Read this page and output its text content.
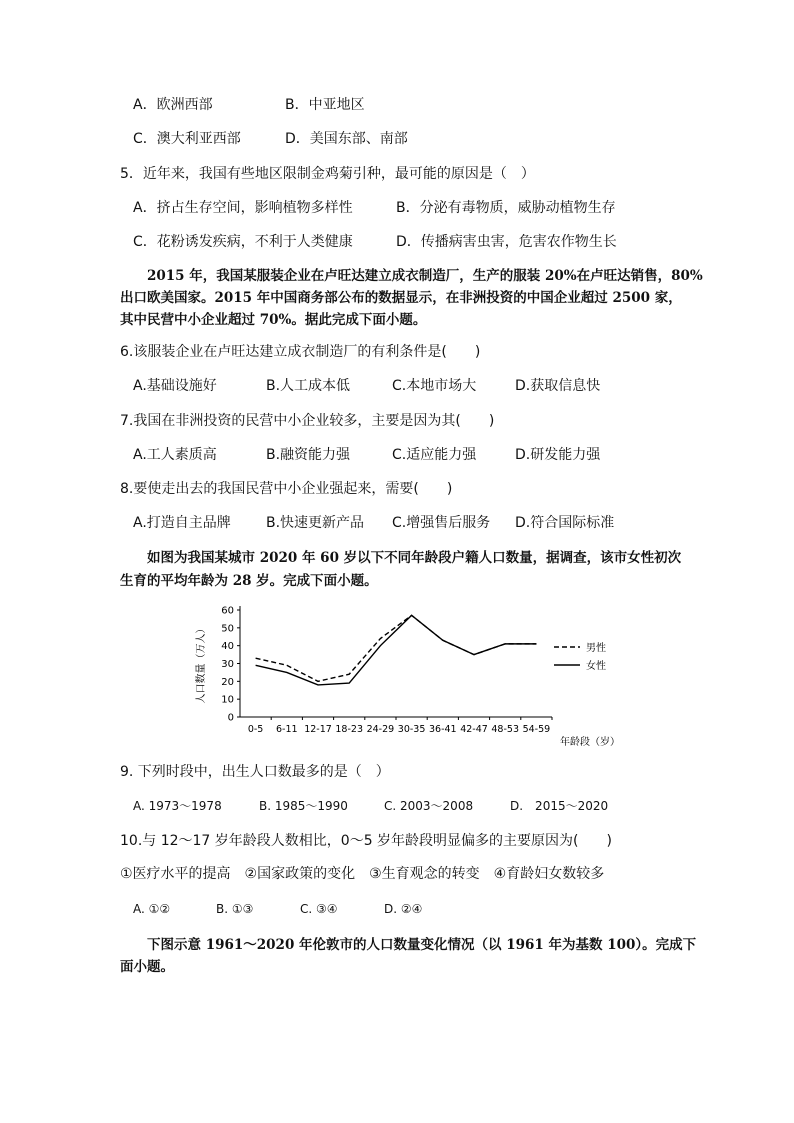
A．欧洲西部	B．中亚地区
C．澳大利亚西部	D．美国东部、南部
5．近年来，我国有些地区限制金鸡菊引种，最可能的原因是（　）
A．挤占生存空间，影响植物多样性	B．分泌有毒物质，威胁动植物生存
C．花粉诱发疾病，不利于人类健康	D．传播病害虫害，危害农作物生长
2015 年，我国某服装企业在卢旺达建立成衣制造厂，生产的服装 20%在卢旺达销售，80%
出口欧美国家。2015 年中国商务部公布的数据显示，在非洲投资的中国企业超过 2500 家，
其中民营中小企业超过 70%。据此完成下面小题。
6.该服装企业在卢旺达建立成衣制造厂的有利条件是(　　)
A.基础设施好	B.人工成本低	C.本地市场大	D.获取信息快
7.我国在非洲投资的民营中小企业较多，主要是因为其(　　)
A.工人素质高	B.融资能力强	C.适应能力强	D.研发能力强
8.要使走出去的我国民营中小企业强起来，需要(　　)
A.打造自主品牌	B.快速更新产品 C.增强售后服务 D.符合国际标准
如图为我国某城市 2020 年 60 岁以下不同年龄段户籍人口数量，据调查，该市女性初次
生育的平均年龄为 28 岁。完成下面小题。
0
10
20
30
40
50
60
0-5 6-11 12-17 18-23 24-29 30-35 36-41 42-47 48-53 54-59
人口数量（万人）
年龄段（岁）
男性
女性
9. 下列时段中，出生人口数最多的是（　）
A. 1973～1978	B. 1985～1990	C. 2003～2008	D.　2015～2020
10.与 12～17 岁年龄段人数相比，0～5 岁年龄段明显偏多的主要原因为(　　)
①医疗水平的提高　②国家政策的变化　③生育观念的转变　④育龄妇女数较多
A. ①②	B. ①③	C. ③④	D. ②④
下图示意 1961～2020 年伦敦市的人口数量变化情况（以 1961 年为基数 100）。完成下
面小题。
